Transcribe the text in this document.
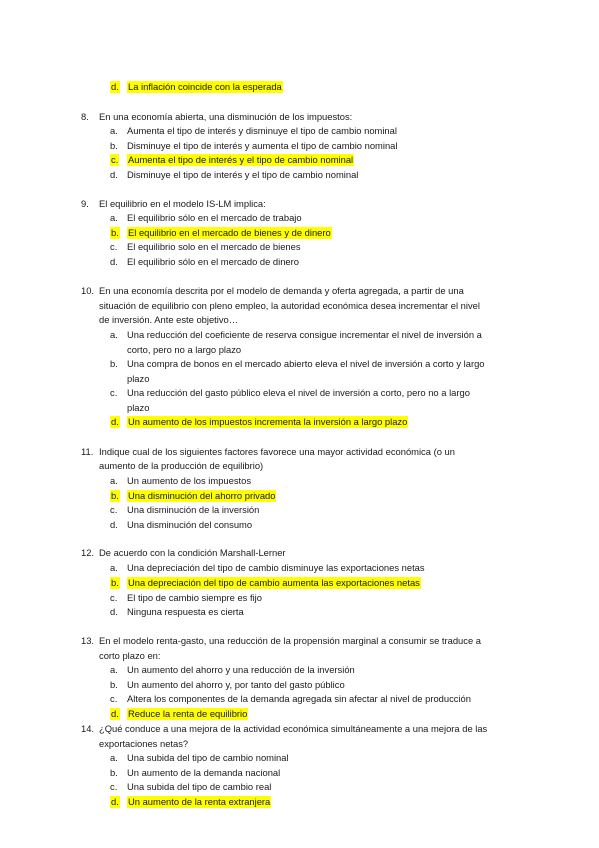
d. La inflación coincide con la esperada
8. En una economía abierta, una disminución de los impuestos:
a. Aumenta el tipo de interés y disminuye el tipo de cambio nominal
b. Disminuye el tipo de interés y aumenta el tipo de cambio nominal
c. Aumenta el tipo de interés y el tipo de cambio nominal
d. Disminuye el tipo de interés y el tipo de cambio nominal
9. El equilibrio en el modelo IS-LM implica:
a. El equilibrio sólo en el mercado de trabajo
b. El equilibrio en el mercado de bienes y de dinero
c. El equilibrio solo en el mercado de bienes
d. El equilibrio sólo en el mercado de dinero
10. En una economía descrita por el modelo de demanda y oferta agregada, a partir de una
situación de equilibrio con pleno empleo, la autoridad económica desea incrementar el nivel
de inversión. Ante este objetivo…
a. Una reducción del coeficiente de reserva consigue incrementar el nivel de inversión a
corto, pero no a largo plazo
b. Una compra de bonos en el mercado abierto eleva el nivel de inversión a corto y largo
plazo
c. Una reducción del gasto público eleva el nivel de inversión a corto, pero no a largo
plazo
d. Un aumento de los impuestos incrementa la inversión a largo plazo
11. Indique cual de los siguientes factores favorece una mayor actividad económica (o un
aumento de la producción de equilibrio)
a. Un aumento de los impuestos
b. Una disminución del ahorro privado
c. Una disminución de la inversión
d. Una disminución del consumo
12. De acuerdo con la condición Marshall-Lerner
a. Una depreciación del tipo de cambio disminuye las exportaciones netas
b. Una depreciación del tipo de cambio aumenta las exportaciones netas
c. El tipo de cambio siempre es fijo
d. Ninguna respuesta es cierta
13. En el modelo renta-gasto, una reducción de la propensión marginal a consumir se traduce a
corto plazo en:
a. Un aumento del ahorro y una reducción de la inversión
b. Un aumento del ahorro y, por tanto del gasto público
c. Altera los componentes de la demanda agregada sin afectar al nivel de producción
d. Reduce la renta de equilibrio
14. ¿Qué conduce a una mejora de la actividad económica simultáneamente a una mejora de las
exportaciones netas?
a. Una subida del tipo de cambio nominal
b. Un aumento de la demanda nacional
c. Una subida del tipo de cambio real
d. Un aumento de la renta extranjera
